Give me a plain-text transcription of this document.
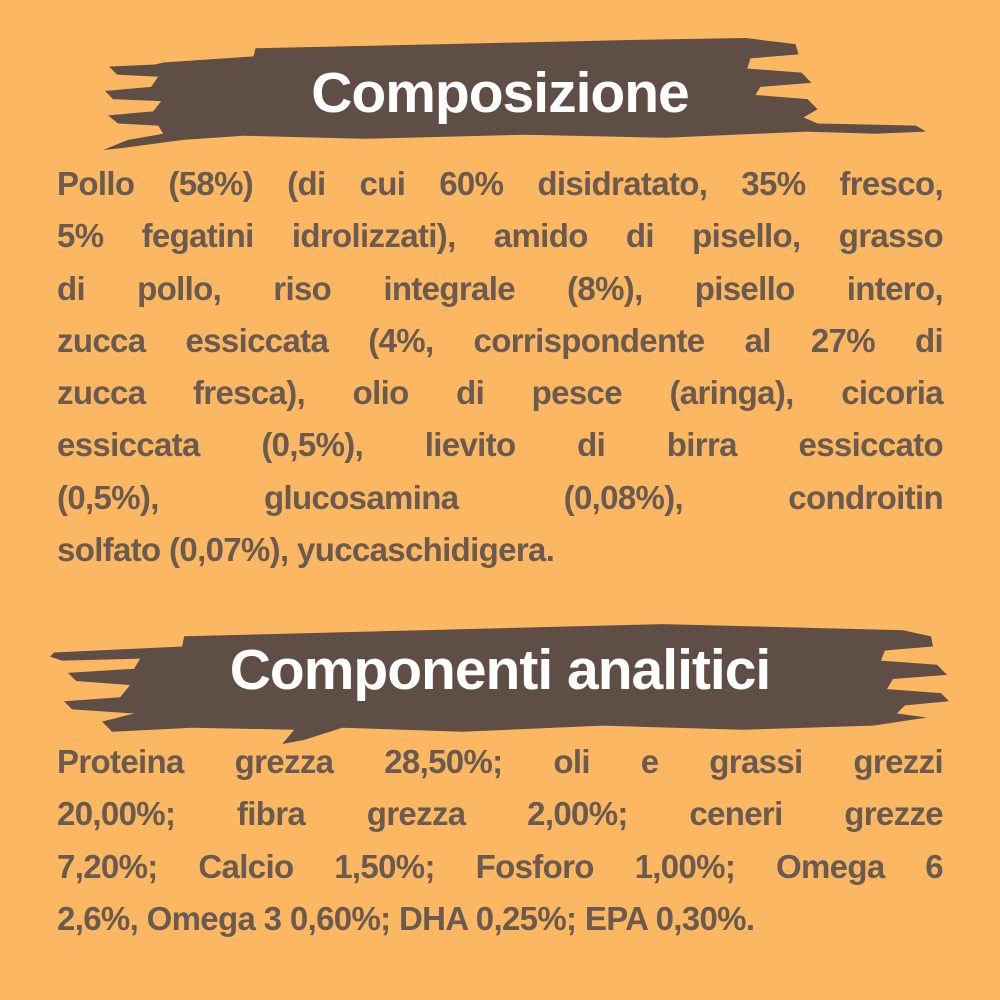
Composizione
Pollo (58%) (di cui 60% disidratato, 35% fresco,
5% fegatini idrolizzati), amido di pisello, grasso
di pollo, riso integrale (8%), pisello intero,
zucca essiccata (4%, corrispondente al 27% di
zucca fresca), olio di pesce (aringa), cicoria
essiccata (0,5%), lievito di birra essiccato
(0,5%), glucosamina (0,08%), condroitin
solfato (0,07%), yuccaschidigera.
Componenti analitici
Proteina grezza 28,50%; oli e grassi grezzi
20,00%; fibra grezza 2,00%; ceneri grezze
7,20%; Calcio 1,50%; Fosforo 1,00%; Omega 6
2,6%, Omega 3 0,60%; DHA 0,25%; EPA 0,30%.
